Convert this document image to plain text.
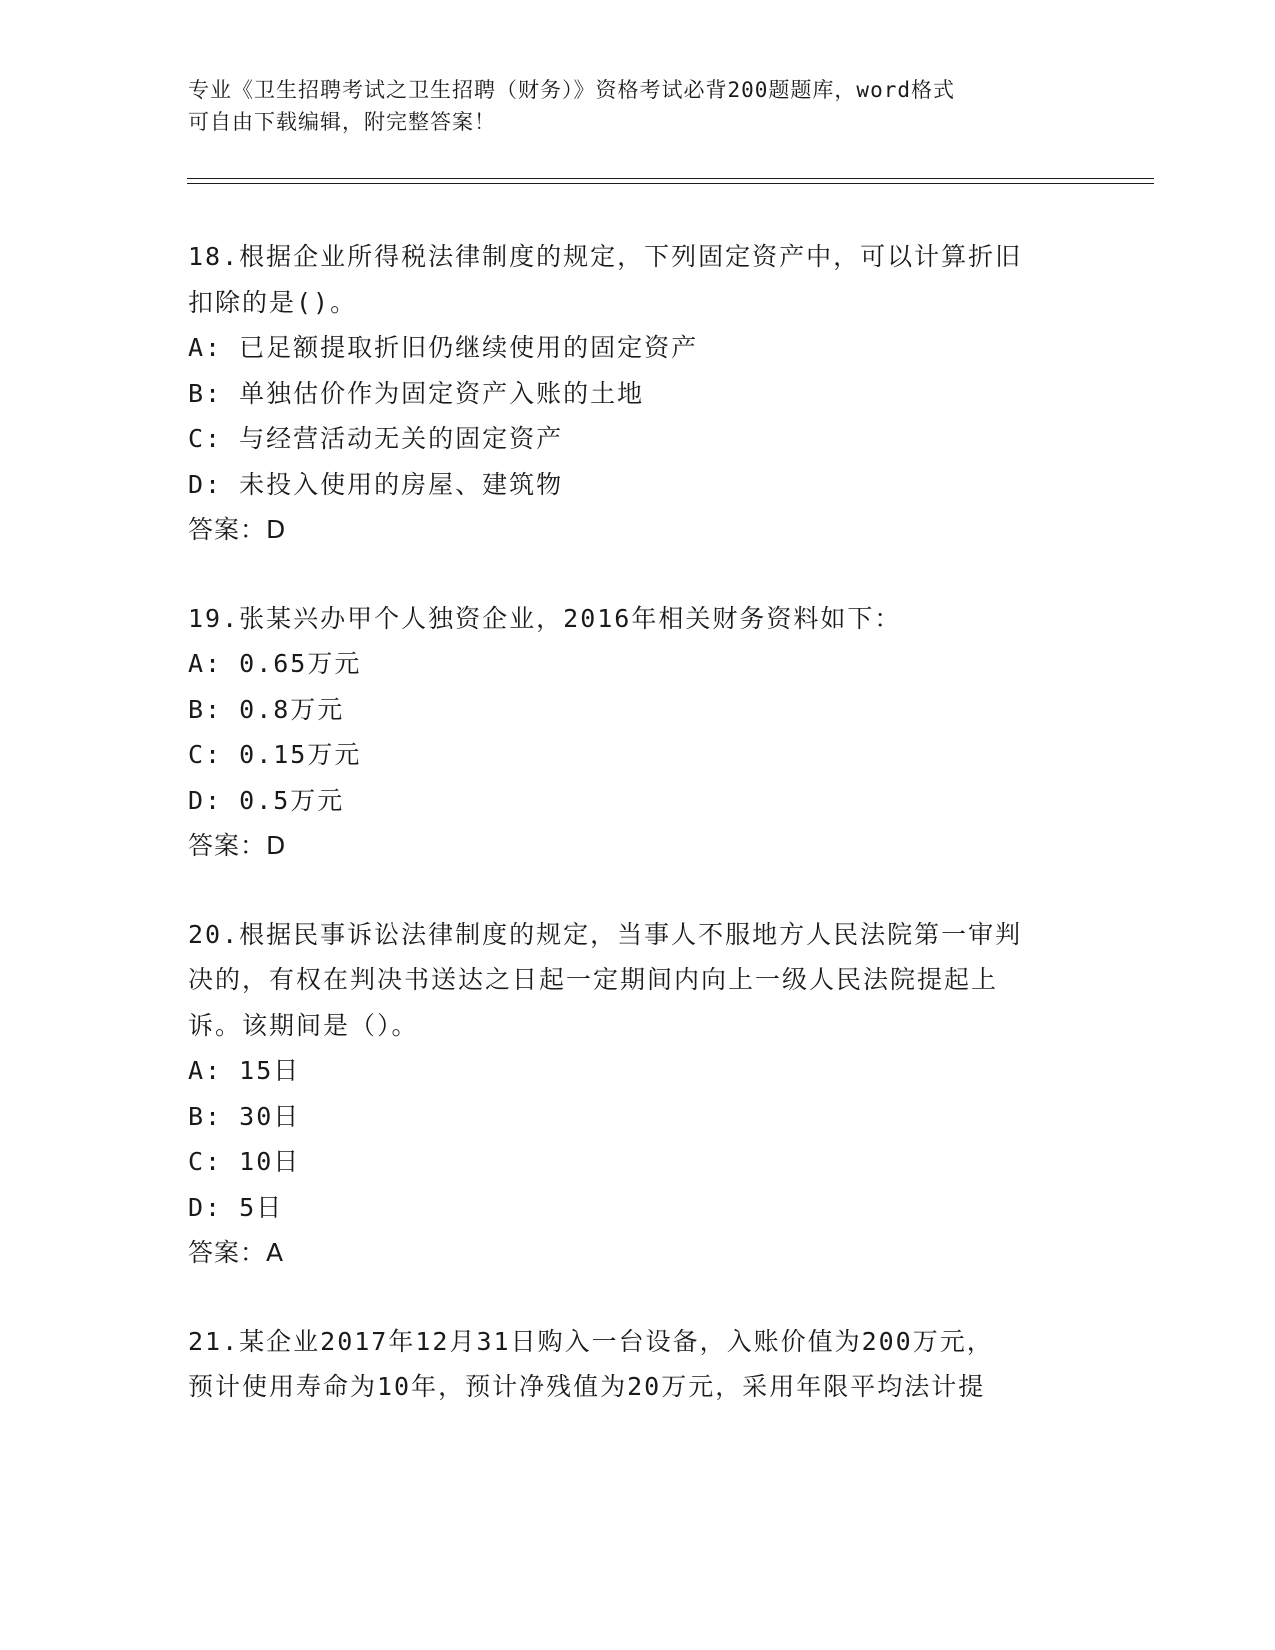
专业《卫生招聘考试之卫生招聘（财务）》资格考试必背200题题库，word格式

可自由下载编辑，附完整答案！

18.根据企业所得税法律制度的规定，下列固定资产中，可以计算折旧
扣除的是()。
A: 已足额提取折旧仍继续使用的固定资产
B: 单独估价作为固定资产入账的土地
C: 与经营活动无关的固定资产
D: 未投入使用的房屋、建筑物
答案：D
19.张某兴办甲个人独资企业，2016年相关财务资料如下：
A: 0.65万元
B: 0.8万元
C: 0.15万元
D: 0.5万元
答案：D
20.根据民事诉讼法律制度的规定，当事人不服地方人民法院第一审判
决的，有权在判决书送达之日起一定期间内向上一级人民法院提起上
诉。该期间是（）。
A: 15日
B: 30日
C: 10日
D: 5日
答案：A
21.某企业2017年12月31日购入一台设备，入账价值为200万元，
预计使用寿命为10年，预计净残值为20万元，采用年限平均法计提
